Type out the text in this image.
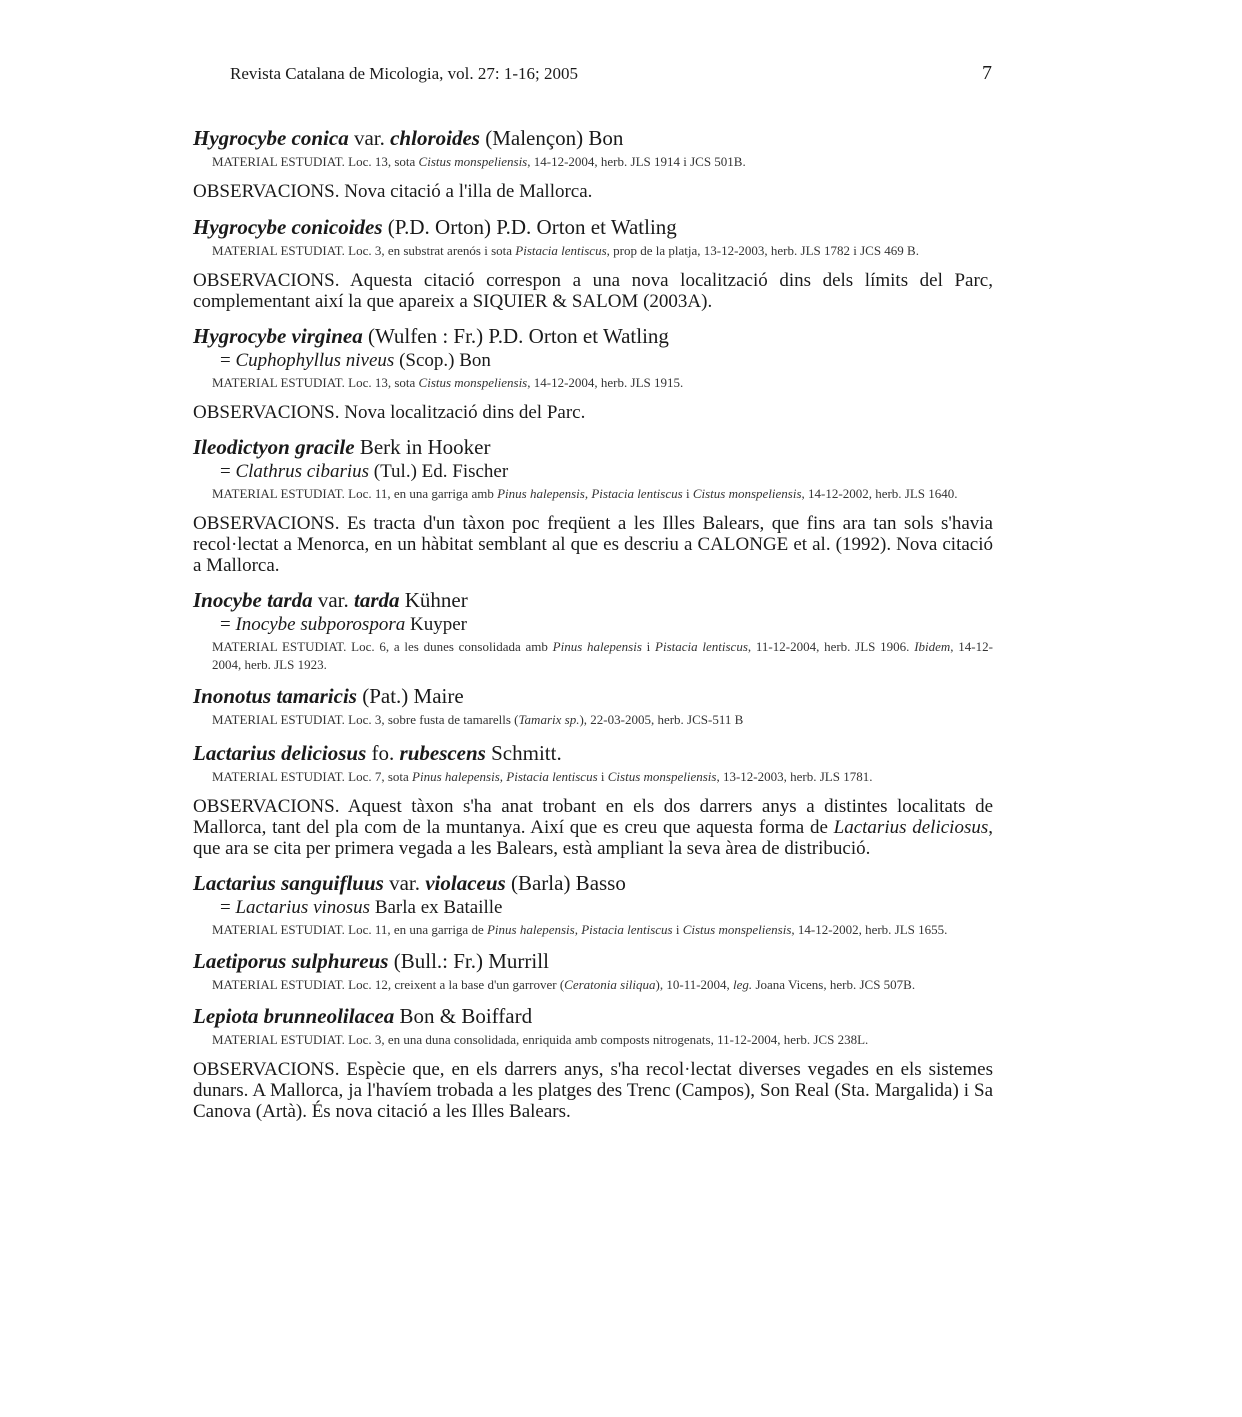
Revista Catalana de Micologia, vol. 27: 1-16; 2005	7

Hygrocybe conica var. chloroides (Malençon) Bon

MATERIAL ESTUDIAT. Loc. 13, sota Cistus monspeliensis, 14-12-2004, herb. JLS 1914 i JCS 501B.

OBSERVACIONS. Nova citació a l'illa de Mallorca.

Hygrocybe conicoides (P.D. Orton) P.D. Orton et Watling

MATERIAL ESTUDIAT. Loc. 3, en substrat arenós i sota Pistacia lentiscus, prop de la platja, 13-12-2003, herb. JLS 1782 i JCS 469 B.

OBSERVACIONS. Aquesta citació correspon a una nova localització dins dels límits del Parc, complementant així la que apareix a SIQUIER & SALOM (2003A).

Hygrocybe virginea (Wulfen : Fr.) P.D. Orton et Watling

= Cuphophyllus niveus (Scop.) Bon

MATERIAL ESTUDIAT. Loc. 13, sota Cistus monspeliensis, 14-12-2004, herb. JLS 1915.

OBSERVACIONS. Nova localització dins del Parc.

Ileodictyon gracile Berk in Hooker

= Clathrus cibarius (Tul.) Ed. Fischer

MATERIAL ESTUDIAT. Loc. 11, en una garriga amb Pinus halepensis, Pistacia lentiscus i Cistus monspeliensis, 14-12-2002, herb. JLS 1640.

OBSERVACIONS. Es tracta d'un tàxon poc freqüent a les Illes Balears, que fins ara tan sols s'havia recol·lectat a Menorca, en un hàbitat semblant al que es descriu a CALONGE et al. (1992). Nova citació a Mallorca.

Inocybe tarda var. tarda Kühner

= Inocybe subporospora Kuyper

MATERIAL ESTUDIAT. Loc. 6, a les dunes consolidada amb Pinus halepensis i Pistacia lentiscus, 11-12-2004, herb. JLS 1906. Ibidem, 14-12-2004, herb. JLS 1923.

Inonotus tamaricis (Pat.) Maire

MATERIAL ESTUDIAT. Loc. 3, sobre fusta de tamarells (Tamarix sp.), 22-03-2005, herb. JCS-511 B

Lactarius deliciosus fo. rubescens Schmitt.

MATERIAL ESTUDIAT. Loc. 7, sota Pinus halepensis, Pistacia lentiscus i Cistus monspeliensis, 13-12-2003, herb. JLS 1781.

OBSERVACIONS. Aquest tàxon s'ha anat trobant en els dos darrers anys a distintes localitats de Mallorca, tant del pla com de la muntanya. Així que es creu que aquesta forma de Lactarius deliciosus, que ara se cita per primera vegada a les Balears, està ampliant la seva àrea de distribució.

Lactarius sanguifluus var. violaceus (Barla) Basso

= Lactarius vinosus Barla ex Bataille

MATERIAL ESTUDIAT. Loc. 11, en una garriga de Pinus halepensis, Pistacia lentiscus i Cistus monspeliensis, 14-12-2002, herb. JLS 1655.

Laetiporus sulphureus (Bull.: Fr.) Murrill

MATERIAL ESTUDIAT. Loc. 12, creixent a la base d'un garrover (Ceratonia siliqua), 10-11-2004, leg. Joana Vicens, herb. JCS 507B.

Lepiota brunneolilacea Bon & Boiffard

MATERIAL ESTUDIAT. Loc. 3, en una duna consolidada, enriquida amb composts nitrogenats, 11-12-2004, herb. JCS 238L.

OBSERVACIONS. Espècie que, en els darrers anys, s'ha recol·lectat diverses vegades en els sistemes dunars. A Mallorca, ja l'havíem trobada a les platges des Trenc (Campos), Son Real (Sta. Margalida) i Sa Canova (Artà). És nova citació a les Illes Balears.
